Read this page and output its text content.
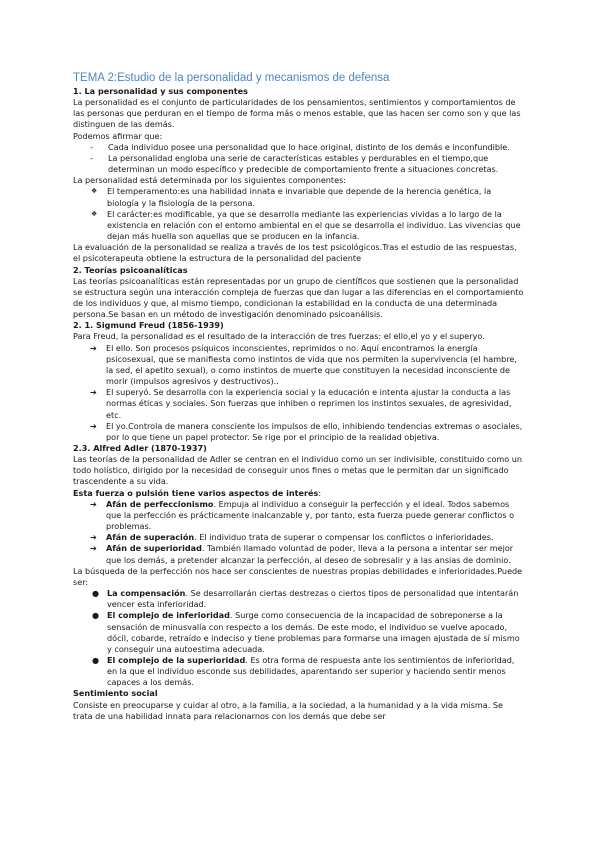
TEMA 2:Estudio de la personalidad y mecanismos de defensa

1. La personalidad y sus componentes

La personalidad es el conjunto de particularidades de los pensamientos, sentimientos y comportamientos de las personas que perduran en el tiempo de forma más o menos estable, que las hacen ser como son y que las distinguen de las demás.

Podemos afirmar que:

- Cada individuo posee una personalidad que lo hace original, distinto de los demás e inconfundible.
- La personalidad engloba una serie de características estables y perdurables en el tiempo,que determinan un modo específico y predecible de comportamiento frente a situaciones concretas.

La personalidad está determinada por los siguientes componentes:

❖ El temperamento:es una habilidad innata e invariable que depende de la herencia genética, la biología y la fisiología de la persona.
❖ El carácter:es modificable, ya que se desarrolla mediante las experiencias vividas a lo largo de la existencia en relación con el entorno ambiental en el que se desarrolla el individuo. Las vivencias que dejan más huella son aquellas que se producen en la infancia.

La evaluación de la personalidad se realiza a través de los test psicológicos.Tras el estudio de las respuestas, el psicoterapeuta obtiene la estructura de la personalidad del paciente

2. Teorías psicoanalíticas

Las teorías psicoanalíticas están representadas por un grupo de científicos que sostienen que la personalidad se estructura según una interacción compleja de fuerzas que dan lugar a las diferencias en el comportamiento de los individuos y que, al mismo tiempo, condicionan la estabilidad en la conducta de una determinada persona.Se basan en un método de investigación denominado psicoanálisis.

2. 1. Sigmund Freud (1856-1939)

Para Freud, la personalidad es el resultado de la interacción de tres fuerzas: el ello,el yo y el superyo.

➔ El ello. Son procesos psíquicos inconscientes, reprimidos o no. Aquí encontramos la energía psicosexual, que se manifiesta como instintos de vida que nos permiten la supervivencia (el hambre, la sed, el apetito sexual), o como instintos de muerte que constituyen la necesidad inconsciente de morir (impulsos agresivos y destructivos)..
➔ El superyó. Se desarrolla con la experiencia social y la educación e intenta ajustar la conducta a las normas éticas y sociales. Son fuerzas que inhiben o reprimen los instintos sexuales, de agresividad, etc.
➔ El yo.Controla de manera consciente los impulsos de ello, inhibiendo tendencias extremas o asociales, por lo que tiene un papel protector. Se rige por el principio de la realidad objetiva.

2.3. Alfred Adler (1870-1937)

Las teorías de la personalidad de Adler se centran en el individuo como un ser indivisible, constituido como un todo holístico, dirigido por la necesidad de conseguir unos fines o metas que le permitan dar un significado trascendente a su vida.

Esta fuerza o pulsión tiene varios aspectos de interés:

➔ Afán de perfeccionismo. Empuja al individuo a conseguir la perfección y el ideal. Todos sabemos que la perfección es prácticamente inalcanzable y, por tanto, esta fuerza puede generar conflictos o problemas.
➔ Afán de superación. El individuo trata de superar o compensar los conflictos o inferioridades.
➔ Afán de superioridad. También llamado voluntad de poder, lleva a la persona a intentar ser mejor que los demás, a pretender alcanzar la perfección, al deseo de sobresalir y a las ansias de dominio.

La búsqueda de la perfección nos hace ser conscientes de nuestras propias debilidades e inferioridades.Puede ser:

● La compensación. Se desarrollarán ciertas destrezas o ciertos tipos de personalidad que intentarán vencer esta inferioridad.
● El complejo de inferioridad. Surge como consecuencia de la incapacidad de sobreponerse a la sensación de minusvalía con respecto a los demás. De este modo, el individuo se vuelve apocado, dócil, cobarde, retraído e indeciso y tiene problemas para formarse una imagen ajustada de sí mismo y conseguir una autoestima adecuada.
● El complejo de la superioridad. Es otra forma de respuesta ante los sentimientos de inferioridad, en la que el individuo esconde sus debilidades, aparentando ser superior y haciendo sentir menos capaces a los demás.

Sentimiento social

Consiste en preocuparse y cuidar al otro, a la familia, a la sociedad, a la humanidad y a la vida misma. Se trata de una habilidad innata para relacionarnos con los demás que debe ser
